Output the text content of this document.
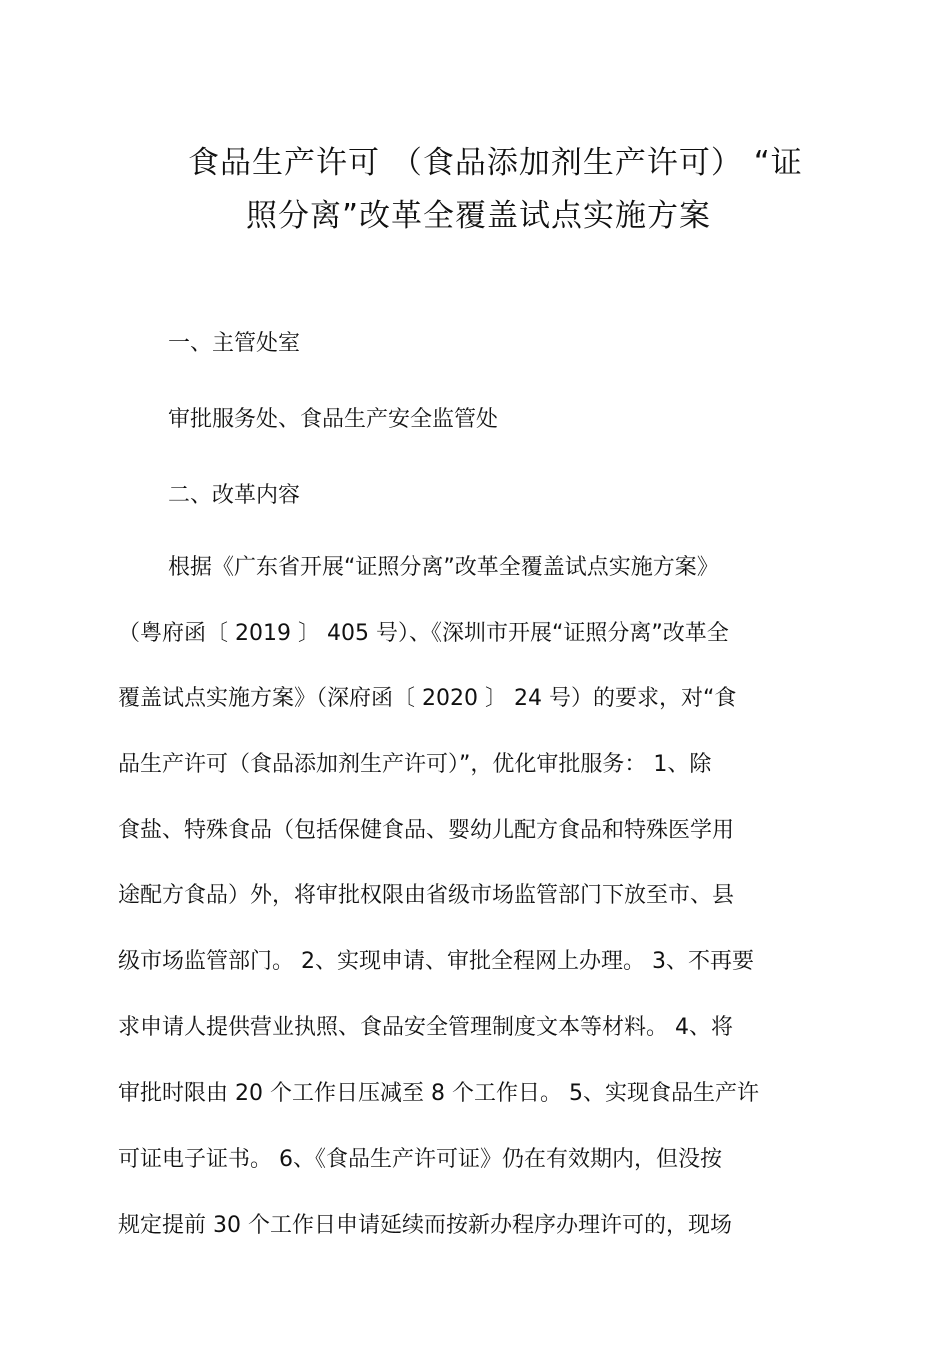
食品生产许可 （食品添加剂生产许可） “证
照分离”改革全覆盖试点实施方案
一、主管处室
审批服务处、食品生产安全监管处
二、改革内容
根据《广东省开展“证照分离”改革全覆盖试点实施方案》
（粤府函〔 2019 〕 405 号）、《深圳市开展“证照分离”改革全
覆盖试点实施方案》（深府函〔 2020 〕 24 号）的要求，对“食
品生产许可（食品添加剂生产许可）”，优化审批服务： 1、除
食盐、特殊食品（包括保健食品、婴幼儿配方食品和特殊医学用
途配方食品）外，将审批权限由省级市场监管部门下放至市、县
级市场监管部门。 2、实现申请、审批全程网上办理。 3、不再要
求申请人提供营业执照、食品安全管理制度文本等材料。 4、将
审批时限由 20 个工作日压减至 8 个工作日。 5、实现食品生产许
可证电子证书。 6、《食品生产许可证》仍在有效期内，但没按
规定提前 30 个工作日申请延续而按新办程序办理许可的，现场
